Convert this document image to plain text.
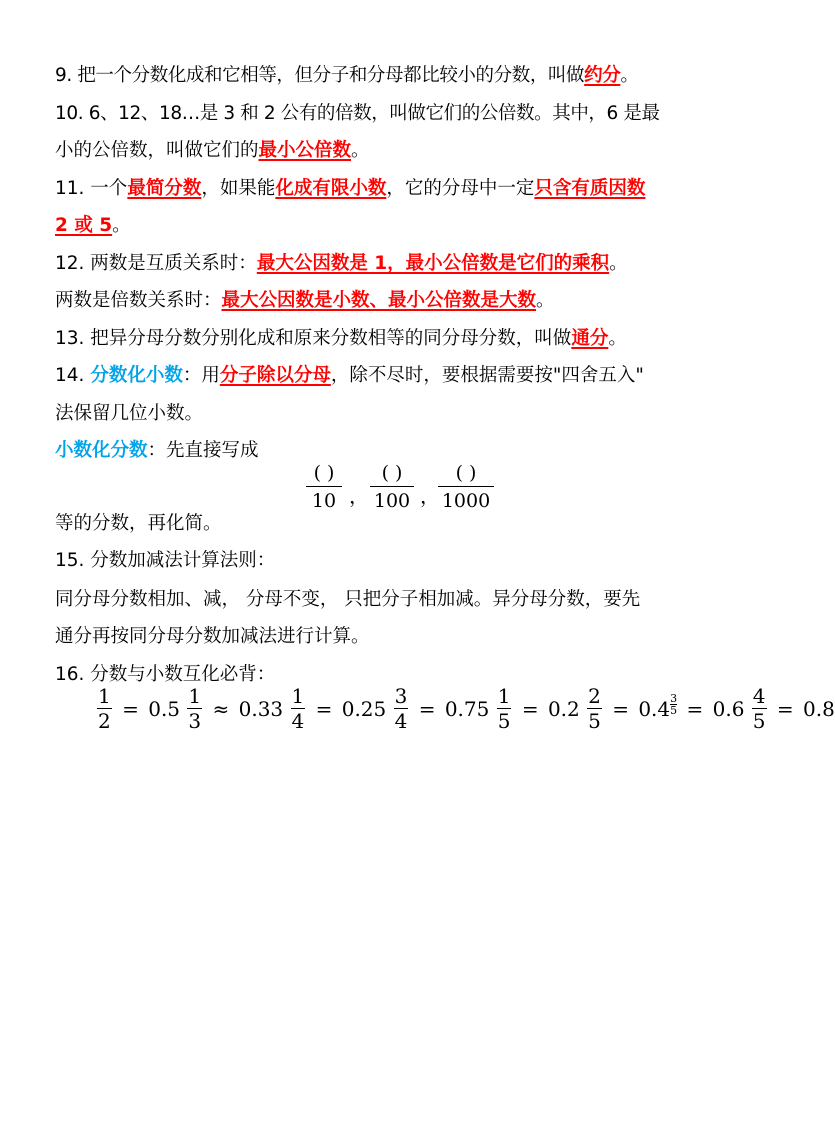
9. 把一个分数化成和它相等，但分子和分母都比较小的分数，叫做约分。
10. 6、12、18…是 3 和 2 公有的倍数，叫做它们的公倍数。其中，6 是最
小的公倍数，叫做它们的最小公倍数。
11. 一个最简分数，如果能化成有限小数，它的分母中一定只含有质因数
2 或 5。
12. 两数是互质关系时：最大公因数是 1，最小公倍数是它们的乘积。
两数是倍数关系时：最大公因数是小数、最小公倍数是大数。
13. 把异分母分数分别化成和原来分数相等的同分母分数，叫做通分。
14. 分数化小数：用分子除以分母，除不尽时，要根据需要按"四舍五入"
法保留几位小数。
小数化分数：先直接写成
( )
10 ，
( )
100 ，
( )
1000
等的分数，再化简。
15. 分数加减法计算法则：
同分母分数相加、减， 分母不变， 只把分子相加减。异分母分数，要先
通分再按同分母分数加减法进行计算。
16. 分数与小数互化必背：
$\frac{1}{2} = 0.5 \frac{1}{3} \approx 0.33 \frac{1}{4} = 0.25 \frac{3}{4} = 0.75 \frac{1}{5} = 0.2 \frac{2}{5} = 0.4 \frac{3}{5} = 0.6 \frac{4}{5} = 0.8$
